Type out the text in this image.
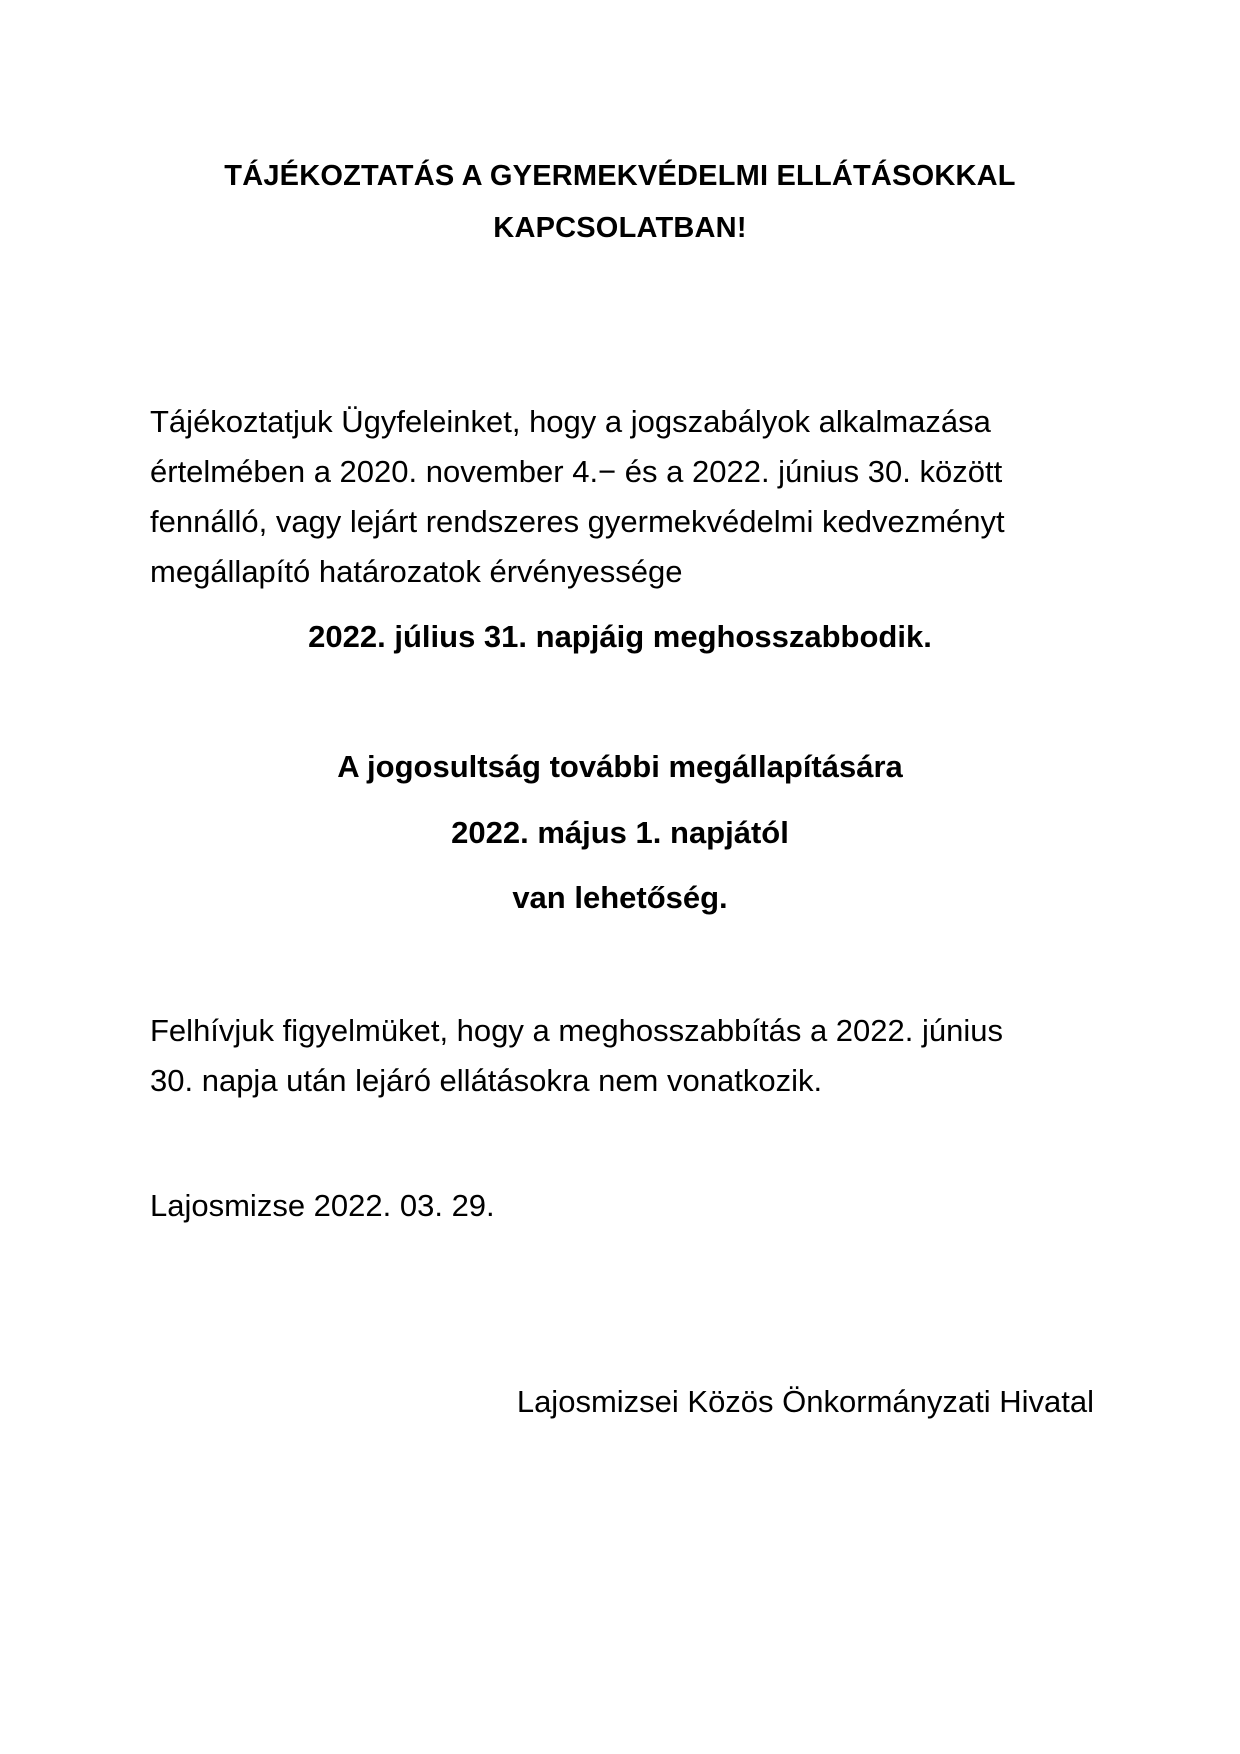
TÁJÉKOZTATÁS A GYERMEKVÉDELMI ELLÁTÁSOKKAL
KAPCSOLATBAN!
Tájékoztatjuk Ügyfeleinket, hogy a jogszabályok alkalmazása
értelmében a 2020. november 4.− és a 2022. június 30. között
fennálló, vagy lejárt rendszeres gyermekvédelmi kedvezményt
megállapító határozatok érvényessége
2022. július 31. napjáig meghosszabbodik.
A jogosultság további megállapítására
2022. május 1. napjától
van lehetőség.
Felhívjuk figyelmüket, hogy a meghosszabbítás a 2022. június
30. napja után lejáró ellátásokra nem vonatkozik.
Lajosmizse 2022. 03. 29.
Lajosmizsei Közös Önkormányzati Hivatal
